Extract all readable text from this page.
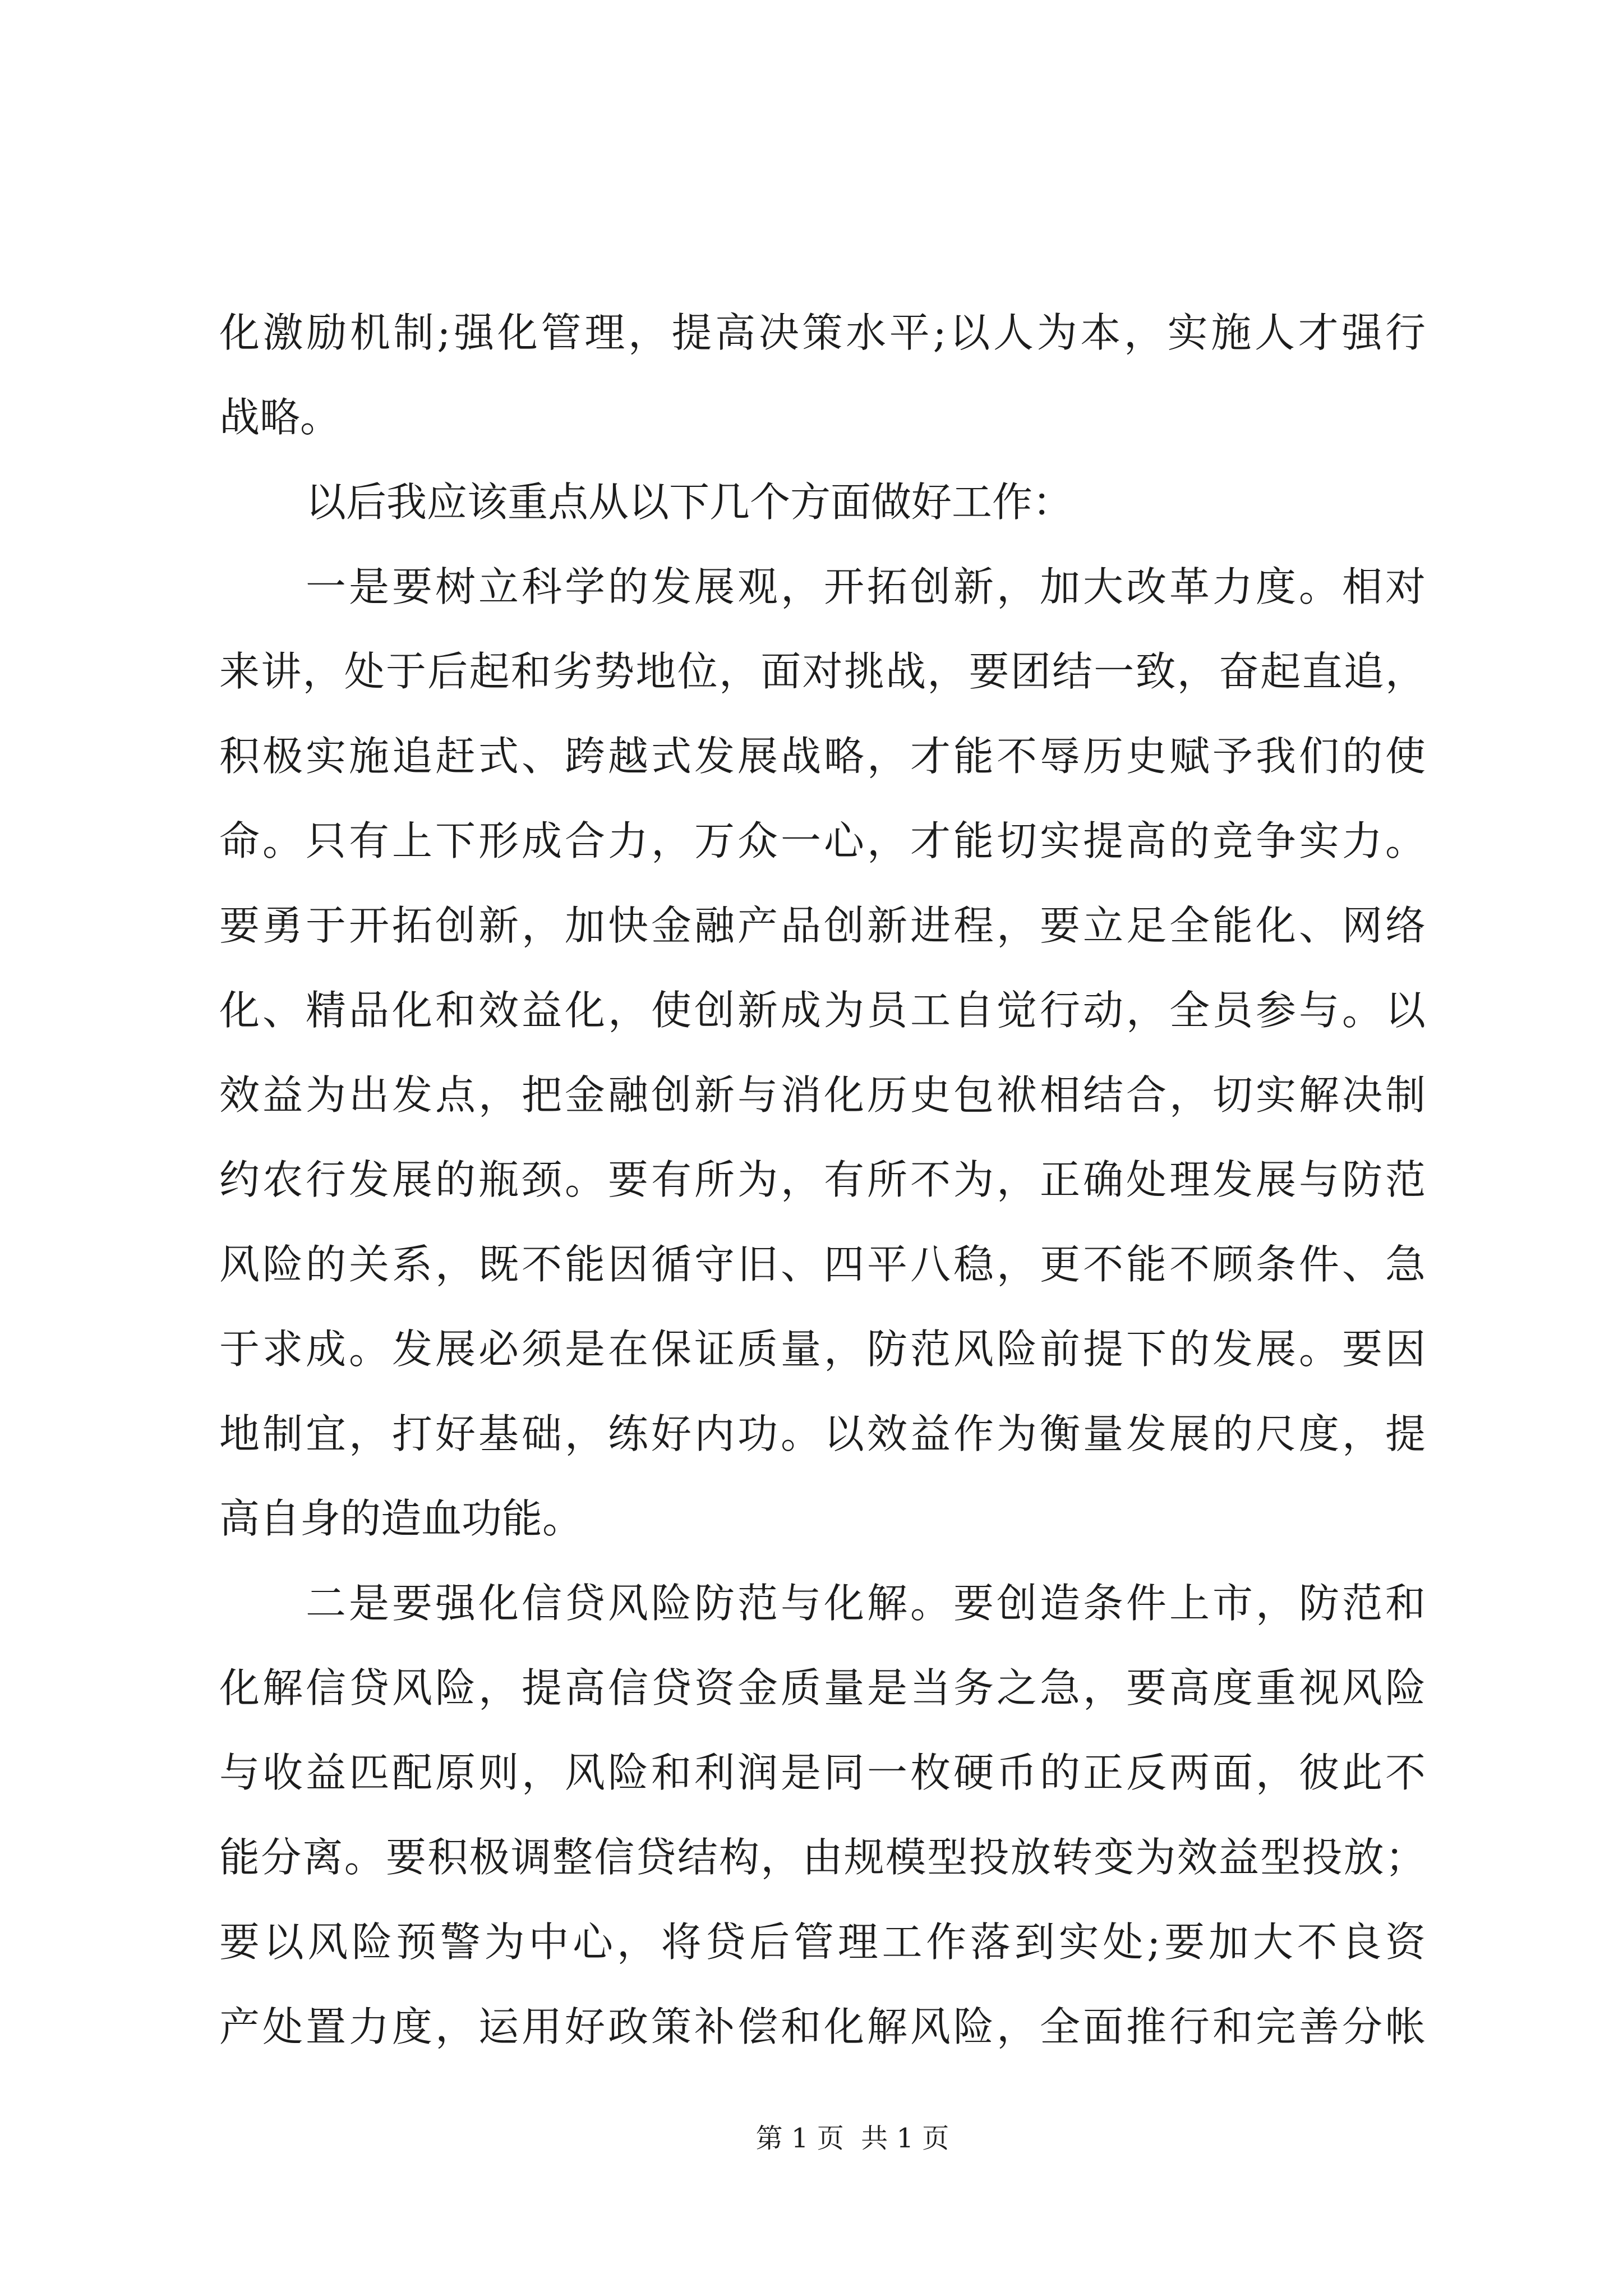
化激励机制;强化管理，提高决策水平;以人为本，实施人才强行
战略。
以后我应该重点从以下几个方面做好工作：
一是要树立科学的发展观，开拓创新，加大改革力度。相对
来讲，处于后起和劣势地位，面对挑战，要团结一致，奋起直追，
积极实施追赶式、跨越式发展战略，才能不辱历史赋予我们的使
命。只有上下形成合力，万众一心，才能切实提高的竞争实力。
要勇于开拓创新，加快金融产品创新进程，要立足全能化、网络
化、精品化和效益化，使创新成为员工自觉行动，全员参与。以
效益为出发点，把金融创新与消化历史包袱相结合，切实解决制
约农行发展的瓶颈。要有所为，有所不为，正确处理发展与防范
风险的关系，既不能因循守旧、四平八稳，更不能不顾条件、急
于求成。发展必须是在保证质量，防范风险前提下的发展。要因
地制宜，打好基础，练好内功。以效益作为衡量发展的尺度，提
高自身的造血功能。
二是要强化信贷风险防范与化解。要创造条件上市，防范和
化解信贷风险，提高信贷资金质量是当务之急，要高度重视风险
与收益匹配原则，风险和利润是同一枚硬币的正反两面，彼此不
能分离。要积极调整信贷结构，由规模型投放转变为效益型投放；
要以风险预警为中心，将贷后管理工作落到实处;要加大不良资
产处置力度，运用好政策补偿和化解风险，全面推行和完善分帐
第 1 页  共 1 页
